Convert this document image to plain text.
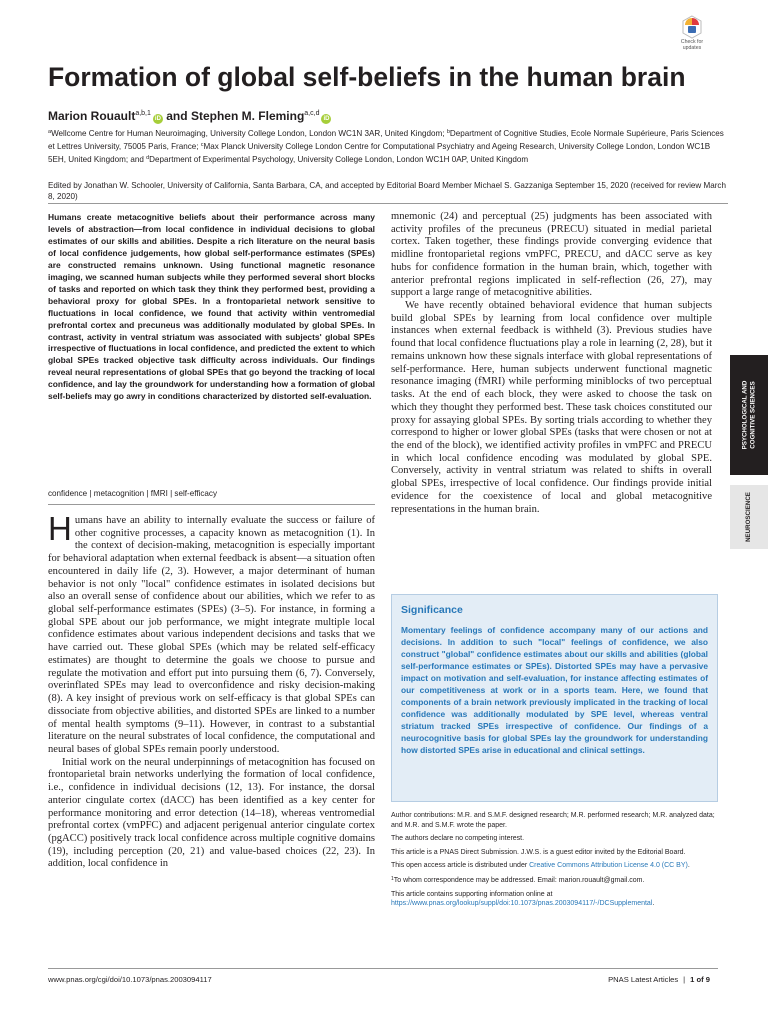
Check for updates
Formation of global self-beliefs in the human brain
Marion Rouault$^{a,b,1}$iD and Stephen M. Fleming$^{a,c,d}$iD
$^a$Wellcome Centre for Human Neuroimaging, University College London, London WC1N 3AR, United Kingdom; $^b$Department of Cognitive Studies, Ecole Normale Supérieure, Paris Sciences et Lettres University, 75005 Paris, France; $^c$Max Planck University College London Centre for Computational Psychiatry and Ageing Research, University College London, London WC1B 5EH, United Kingdom; and $^d$Department of Experimental Psychology, University College London, London WC1H 0AP, United Kingdom
Edited by Jonathan W. Schooler, University of California, Santa Barbara, CA, and accepted by Editorial Board Member Michael S. Gazzaniga September 15, 2020 (received for review March 8, 2020)
Humans create metacognitive beliefs about their performance across many levels of abstraction—from local confidence in individual decisions to global estimates of our skills and abilities. Despite a rich literature on the neural basis of local confidence judgements, how global self-performance estimates (SPEs) are constructed remains unknown. Using functional magnetic resonance imaging, we scanned human subjects while they performed several short blocks of tasks and reported on which task they think they performed best, providing a behavioral proxy for global SPEs. In a frontoparietal network sensitive to fluctuations in local confidence, we found that activity within ventromedial prefrontal cortex and precuneus was additionally modulated by global SPEs. In contrast, activity in ventral striatum was associated with subjects' global SPEs irrespective of fluctuations in local confidence, and predicted the extent to which global SPEs tracked objective task difficulty across individuals. Our findings reveal neural representations of global SPEs that go beyond the tracking of local confidence, and lay the groundwork for understanding how a formation of global self-beliefs may go awry in conditions characterized by distorted self-evaluation.
confidence | metacognition | fMRI | self-efficacy

Humans have an ability to internally evaluate the success or failure of other cognitive processes, a capacity known as metacognition (1). In the context of decision-making, metacognition is especially important for behavioral adaptation when external feedback is absent—a situation often encountered in daily life (2, 3). However, a major determinant of human behavior is not only "local" confidence estimates in isolated decisions but also an overall sense of confidence about our abilities, which we refer to as global self-performance estimates (SPEs) (3–5). For instance, in forming a global SPE about our job performance, we might integrate multiple local confidence estimates about various independent decisions and tasks that we have carried out. These global SPEs (which may be related self-efficacy estimates) are thought to determine the goals we choose to pursue and regulate the motivation and effort put into pursuing them (6, 7). Conversely, overinflated SPEs may lead to overconfidence and risky decision-making (8). A key insight of previous work on self-efficacy is that global SPEs can dissociate from objective abilities, and distorted SPEs are linked to a number of mental health symptoms (9–11). However, in contrast to a substantial literature on the neural substrates of local confidence, the computational and neural bases of global SPEs remain poorly understood.

Initial work on the neural underpinnings of metacognition has focused on frontoparietal brain networks underlying the formation of local confidence, i.e., confidence in individual decisions (12, 13). For instance, the dorsal anterior cingulate cortex (dACC) has been identified as a key center for performance monitoring and error detection (14–18), whereas ventromedial prefrontal cortex (vmPFC) and adjacent perigenual anterior cingulate cortex (pgACC) positively track local confidence across multiple cognitive domains (19), including perception (20, 21) and value-based choices (22, 23). In addition, local confidence in

mnemonic (24) and perceptual (25) judgments has been associated with activity profiles of the precuneus (PRECU) situated in medial parietal cortex. Taken together, these findings provide converging evidence that midline frontoparietal regions vmPFC, PRECU, and dACC serve as key hubs for confidence formation in the human brain, which, together with anterior prefrontal regions implicated in self-reflection (26, 27), may support a large range of metacognitive abilities.

We have recently obtained behavioral evidence that human subjects build global SPEs by learning from local confidence over multiple instances when external feedback is withheld (3). Previous studies have found that local confidence fluctuations play a role in learning (2, 28), but it remains unknown how these signals interface with global representations of self-performance. Here, human subjects underwent functional magnetic resonance imaging (fMRI) while performing miniblocks of two perceptual tasks. At the end of each block, they were asked to choose the task on which they thought they performed best. These task choices constituted our proxy for assaying global SPEs. By sorting trials according to whether they correspond to higher or lower global SPEs (tasks that were chosen or not at the end of the block), we identified activity profiles in vmPFC and PRECU in which local confidence encoding was modulated by global SPE. Conversely, activity in ventral striatum was related to shifts in overall global SPEs, irrespective of local confidence. Our findings provide initial evidence for the coexistence of local and global metacognitive representations in the human brain.

Significance
Momentary feelings of confidence accompany many of our actions and decisions. In addition to such "local" feelings of confidence, we also construct "global" confidence estimates about our skills and abilities (global self-performance estimates or SPEs). Distorted SPEs may have a pervasive impact on motivation and self-evaluation, for instance affecting estimates of our competitiveness at work or in a sports team. Here, we found that components of a brain network previously implicated in the tracking of local confidence was additionally modulated by SPE level, whereas ventral striatum tracked SPEs irrespective of confidence. Our findings of a neurocognitive basis for global SPEs lay the groundwork for understanding how distorted SPEs arise in educational and clinical settings.

Author contributions: M.R. and S.M.F. designed research; M.R. performed research; M.R. analyzed data; and M.R. and S.M.F. wrote the paper.

The authors declare no competing interest.

This article is a PNAS Direct Submission. J.W.S. is a guest editor invited by the Editorial Board.

This open access article is distributed under Creative Commons Attribution License 4.0 (CC BY).

$^1$To whom correspondence may be addressed. Email: marion.rouault@gmail.com.

This article contains supporting information online at https://www.pnas.org/lookup/suppl/doi:10.1073/pnas.2003094117/-/DCSupplemental.

PSYCHOLOGICAL AND
COGNITIVE SCIENCES
NEUROSCIENCE
www.pnas.org/cgi/doi/10.1073/pnas.2003094117	PNAS Latest Articles | 1 of 9
